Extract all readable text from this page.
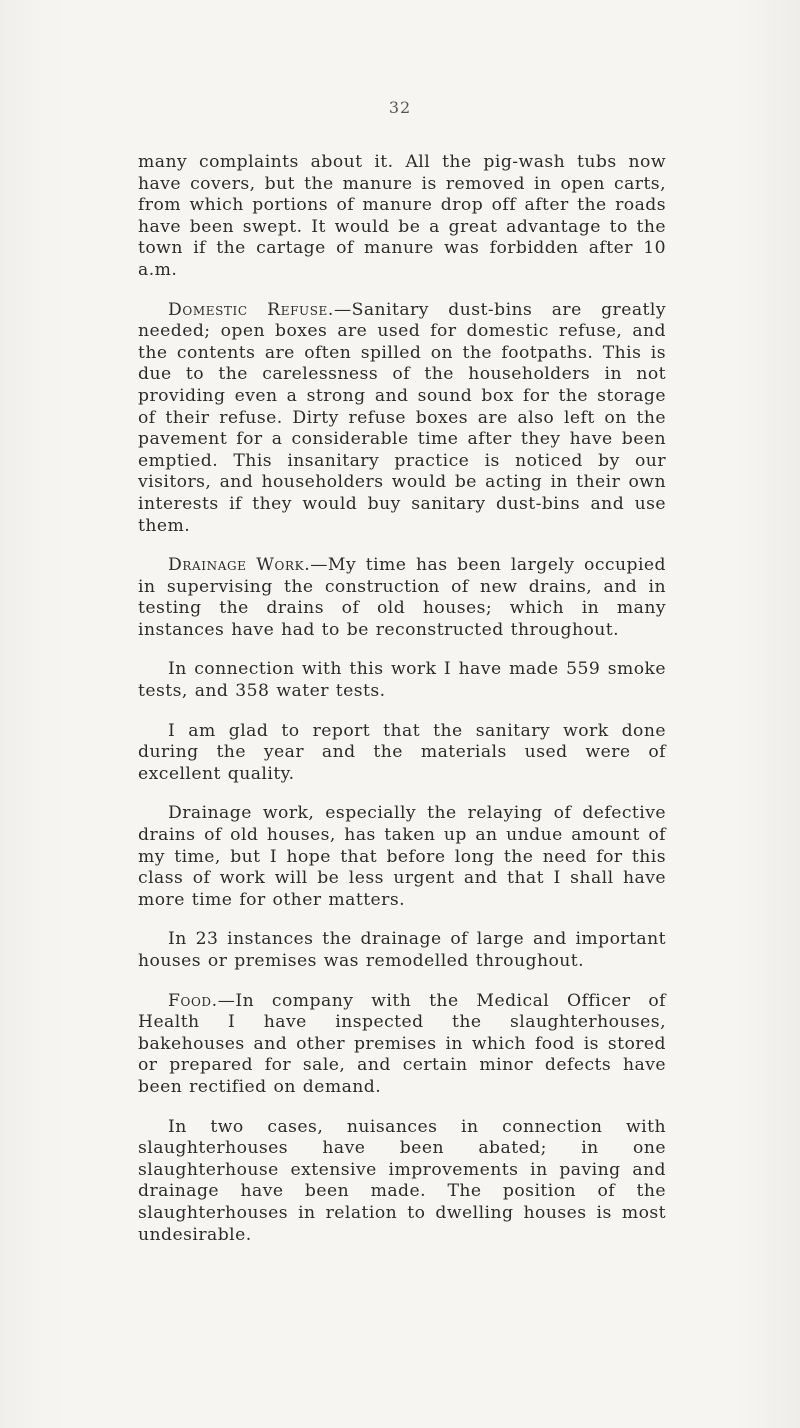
32

many complaints about it. All the pig-wash tubs now have covers, but the manure is removed in open carts, from which portions of manure drop off after the roads have been swept. It would be a great advantage to the town if the cartage of manure was forbidden after 10 a.m.

Domestic Refuse.—Sanitary dust-bins are greatly needed; open boxes are used for domestic refuse, and the contents are often spilled on the footpaths. This is due to the carelessness of the householders in not providing even a strong and sound box for the storage of their refuse. Dirty refuse boxes are also left on the pavement for a considerable time after they have been emptied. This insanitary practice is noticed by our visitors, and householders would be acting in their own interests if they would buy sanitary dust-bins and use them.

Drainage Work.—My time has been largely occupied in supervising the construction of new drains, and in testing the drains of old houses; which in many instances have had to be reconstructed throughout.

In connection with this work I have made 559 smoke tests, and 358 water tests.

I am glad to report that the sanitary work done during the year and the materials used were of excellent quality.

Drainage work, especially the relaying of defective drains of old houses, has taken up an undue amount of my time, but I hope that before long the need for this class of work will be less urgent and that I shall have more time for other matters.

In 23 instances the drainage of large and important houses or premises was remodelled throughout.

Food.—In company with the Medical Officer of Health I have inspected the slaughterhouses, bakehouses and other premises in which food is stored or prepared for sale, and certain minor defects have been rectified on demand.

In two cases, nuisances in connection with slaughterhouses have been abated; in one slaughterhouse extensive improvements in paving and drainage have been made. The position of the slaughterhouses in relation to dwelling houses is most undesirable.
